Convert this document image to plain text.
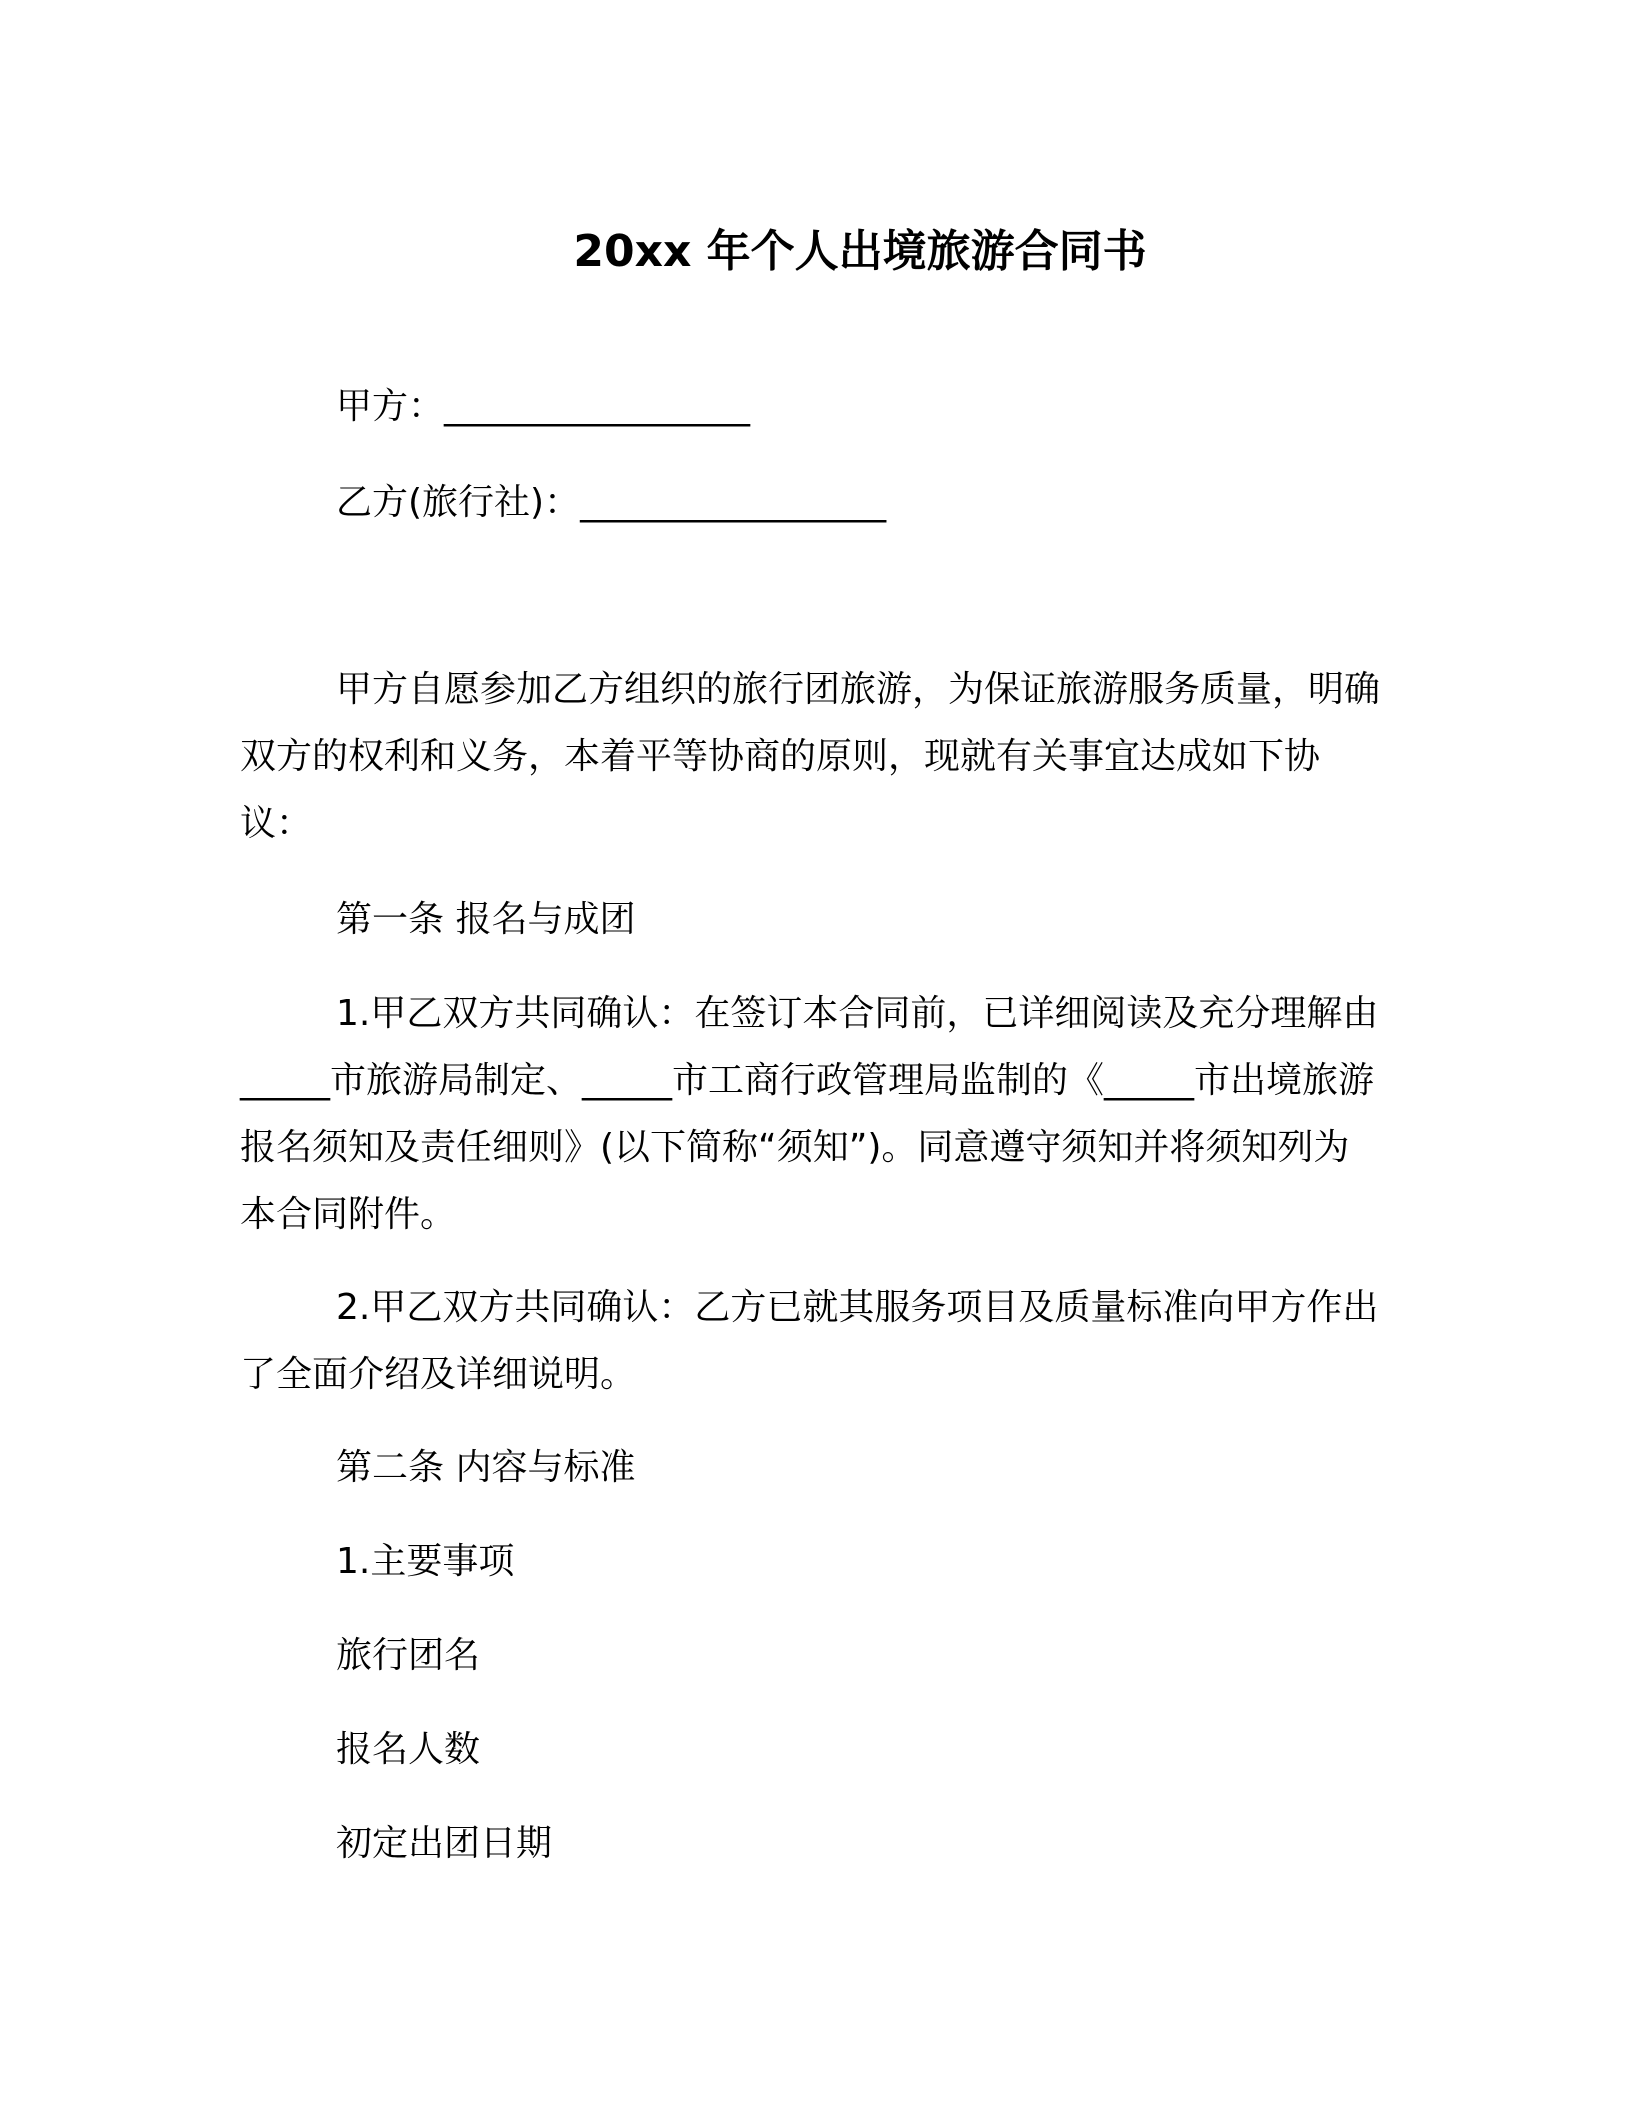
20xx 年个人出境旅游合同书
甲方：_________________
乙方(旅行社)：_________________

甲方自愿参加乙方组织的旅行团旅游，为保证旅游服务质量，明确双方的权利和义务，本着平等协商的原则，现就有关事宜达成如下协议：

第一条 报名与成团

1.甲乙双方共同确认：在签订本合同前，已详细阅读及充分理解由_____市旅游局制定、_____市工商行政管理局监制的《_____市出境旅游报名须知及责任细则》(以下简称“须知”)。同意遵守须知并将须知列为本合同附件。

2.甲乙双方共同确认：乙方已就其服务项目及质量标准向甲方作出了全面介绍及详细说明。

第二条 内容与标准

1.主要事项

旅行团名

报名人数

初定出团日期
